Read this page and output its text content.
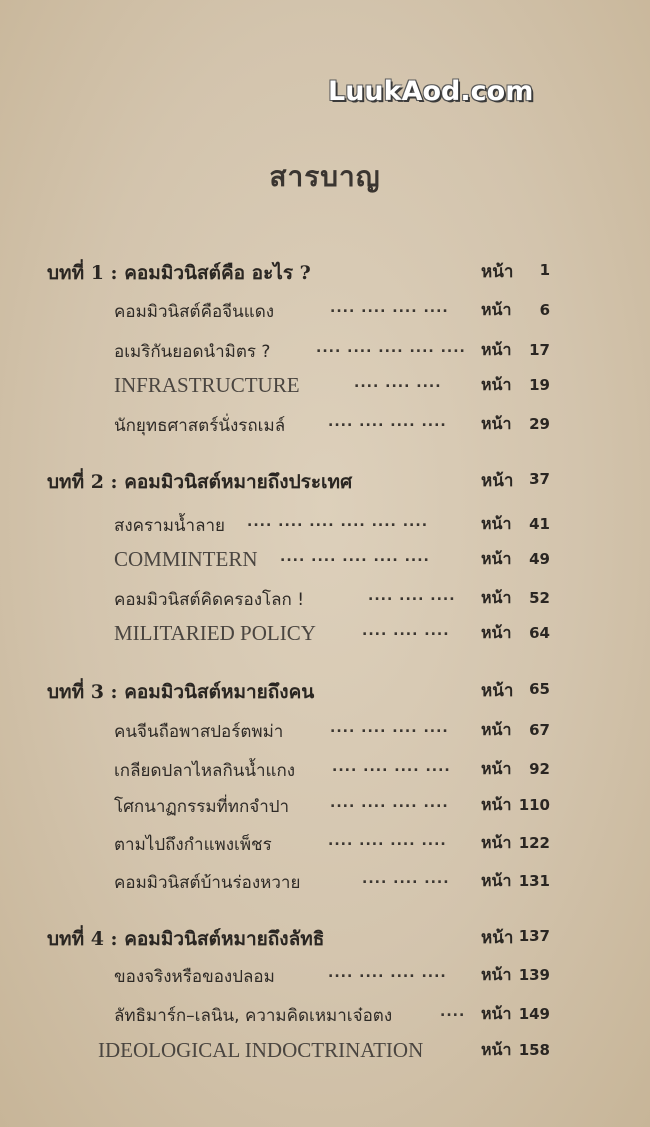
LuukAod.com
สารบาญ
บทที่ 1 : คอมมิวนิสต์คือ อะไร ?	หน้า	1
คอมมิวนิสต์คือจีนแดง	.... .... .... .... หน้า	6
อเมริกันยอดนำมิตร ?	.... .... .... .... .... หน้า	17
INFRASTRUCTURE	.... .... .... หน้า	19
นักยุทธศาสตร์นั่งรถเมล์	.... .... .... .... หน้า	29
บทที่ 2 : คอมมิวนิสต์หมายถึงประเทศ	หน้า	37
สงครามน้ำลาย .... .... .... .... .... ....	หน้า	41
COMMINTERN .... .... .... .... ....	หน้า	49
คอมมิวนิสต์คิดครองโลก !	.... .... .... หน้า	52
MILITARIED POLICY	.... .... .... หน้า	64
บทที่ 3 : คอมมิวนิสต์หมายถึงคน	หน้า	65
คนจีนถือพาสปอร์ตพม่า	.... .... .... .... หน้า	67
เกลียดปลาไหลกินน้ำแกง	.... .... .... .... หน้า	92
โศกนาฏกรรมที่ทกจำปา	.... .... .... .... หน้า 110
ตามไปถึงกำแพงเพ็ชร	.... .... .... .... หน้า 122
คอมมิวนิสต์บ้านร่องหวาย	.... .... .... หน้า 131
บทที่ 4 : คอมมิวนิสต์หมายถึงลัทธิ	หน้า 137
ของจริงหรือของปลอม	.... .... .... .... หน้า 139
ลัทธิมาร์ก–เลนิน, ความคิดเหมาเจ๋อตง	.... หน้า 149
IDEOLOGICAL INDOCTRINATION	หน้า 158
